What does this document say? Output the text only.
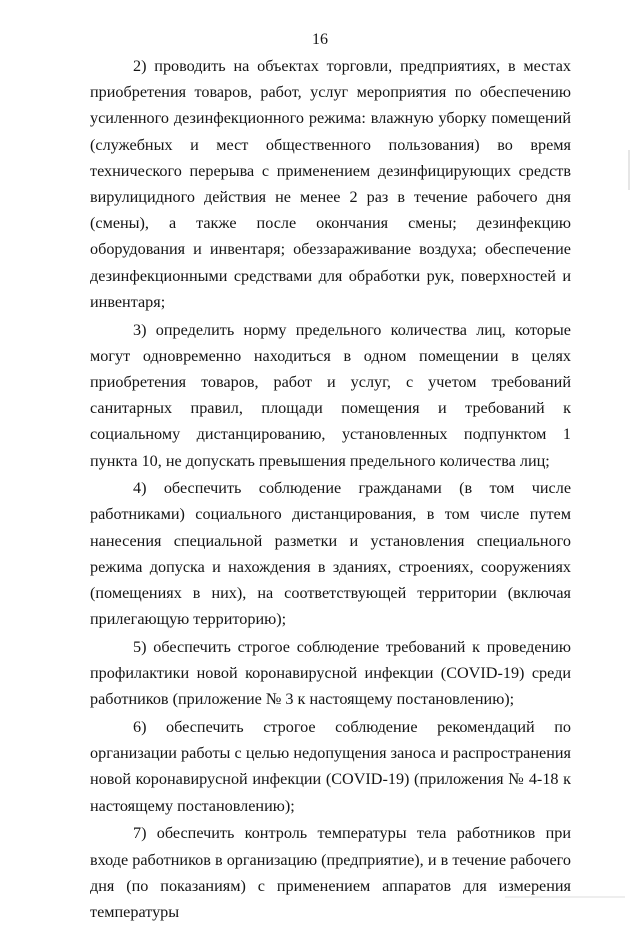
16

2) проводить на объектах торговли, предприятиях, в местах приобретения товаров, работ, услуг мероприятия по обеспечению усиленного дезинфекционного режима: влажную уборку помещений (служебных и мест общественного пользования) во время технического перерыва с применением дезинфицирующих средств вирулицидного действия не менее 2 раз в течение рабочего дня (смены), а также после окончания смены; дезинфекцию оборудования и инвентаря; обеззараживание воздуха; обеспечение дезинфекционными средствами для обработки рук, поверхностей и инвентаря;

3) определить норму предельного количества лиц, которые могут одновременно находиться в одном помещении в целях приобретения товаров, работ и услуг, с учетом требований санитарных правил, площади помещения и требований к социальному дистанцированию, установленных подпунктом 1 пункта 10, не допускать превышения предельного количества лиц;

4) обеспечить соблюдение гражданами (в том числе работниками) социального дистанцирования, в том числе путем нанесения специальной разметки и установления специального режима допуска и нахождения в зданиях, строениях, сооружениях (помещениях в них), на соответствующей территории (включая прилегающую территорию);

5) обеспечить строгое соблюдение требований к проведению профилактики новой коронавирусной инфекции (COVID-19) среди работников (приложение № 3 к настоящему постановлению);

6) обеспечить строгое соблюдение рекомендаций по организации работы с целью недопущения заноса и распространения новой коронавирусной инфекции (COVID-19) (приложения № 4-18 к настоящему постановлению);

7) обеспечить контроль температуры тела работников при входе работников в организацию (предприятие), и в течение рабочего дня (по показаниям) с применением аппаратов для измерения температуры
